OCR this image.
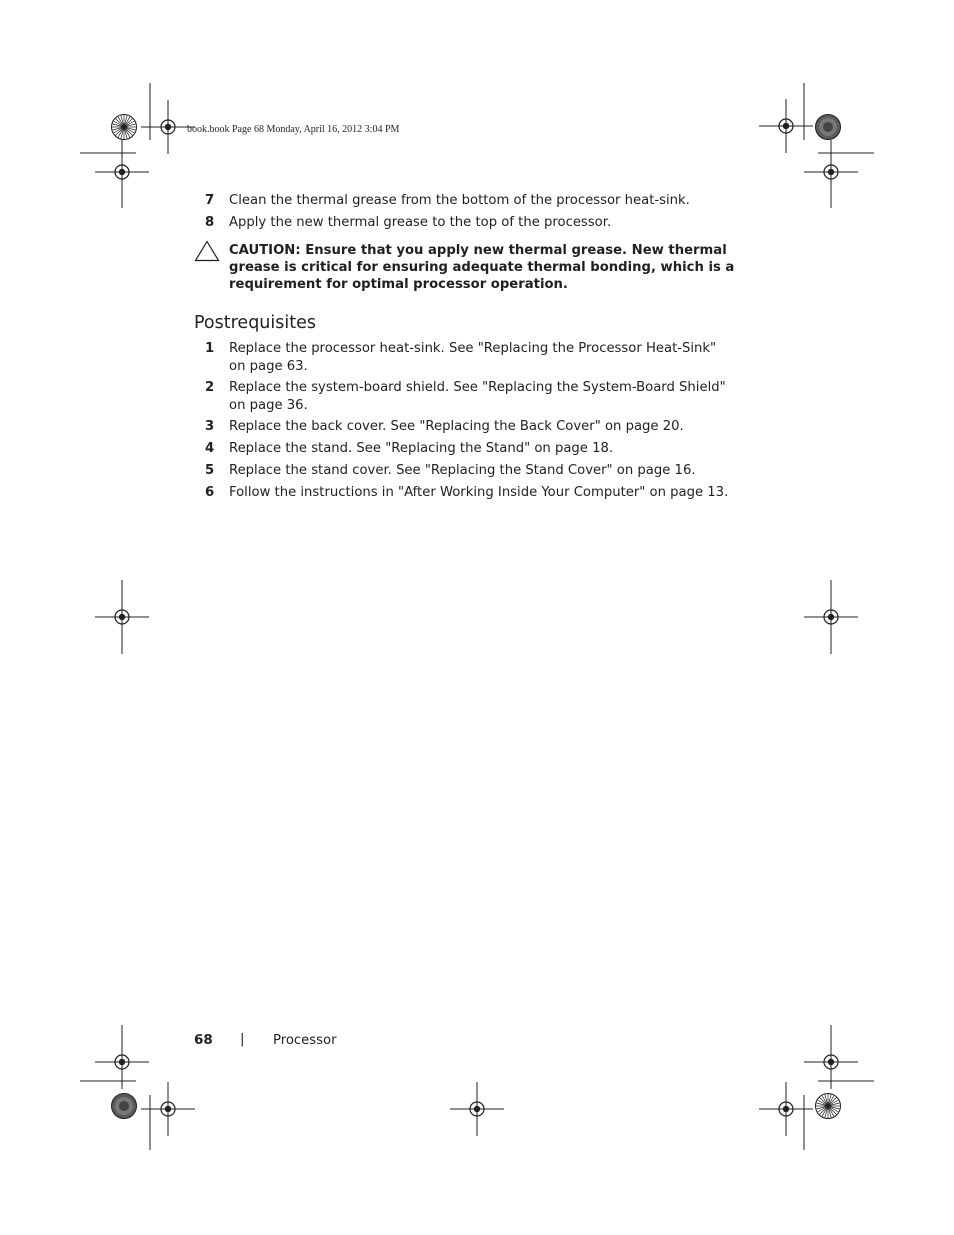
book.book Page 68 Monday, April 16, 2012 3:04 PM
7 Clean the thermal grease from the bottom of the processor heat-sink.
8 Apply the new thermal grease to the top of the processor.
CAUTION: Ensure that you apply new thermal grease. New thermal grease is critical for ensuring adequate thermal bonding, which is a requirement for optimal processor operation.
Postrequisites
1 Replace the processor heat-sink. See "Replacing the Processor Heat-Sink" on page 63.
2 Replace the system-board shield. See "Replacing the System-Board Shield" on page 36.
3 Replace the back cover. See "Replacing the Back Cover" on page 20.
4 Replace the stand. See "Replacing the Stand" on page 18.
5 Replace the stand cover. See "Replacing the Stand Cover" on page 16.
6 Follow the instructions in "After Working Inside Your Computer" on page 13.
68 | Processor
